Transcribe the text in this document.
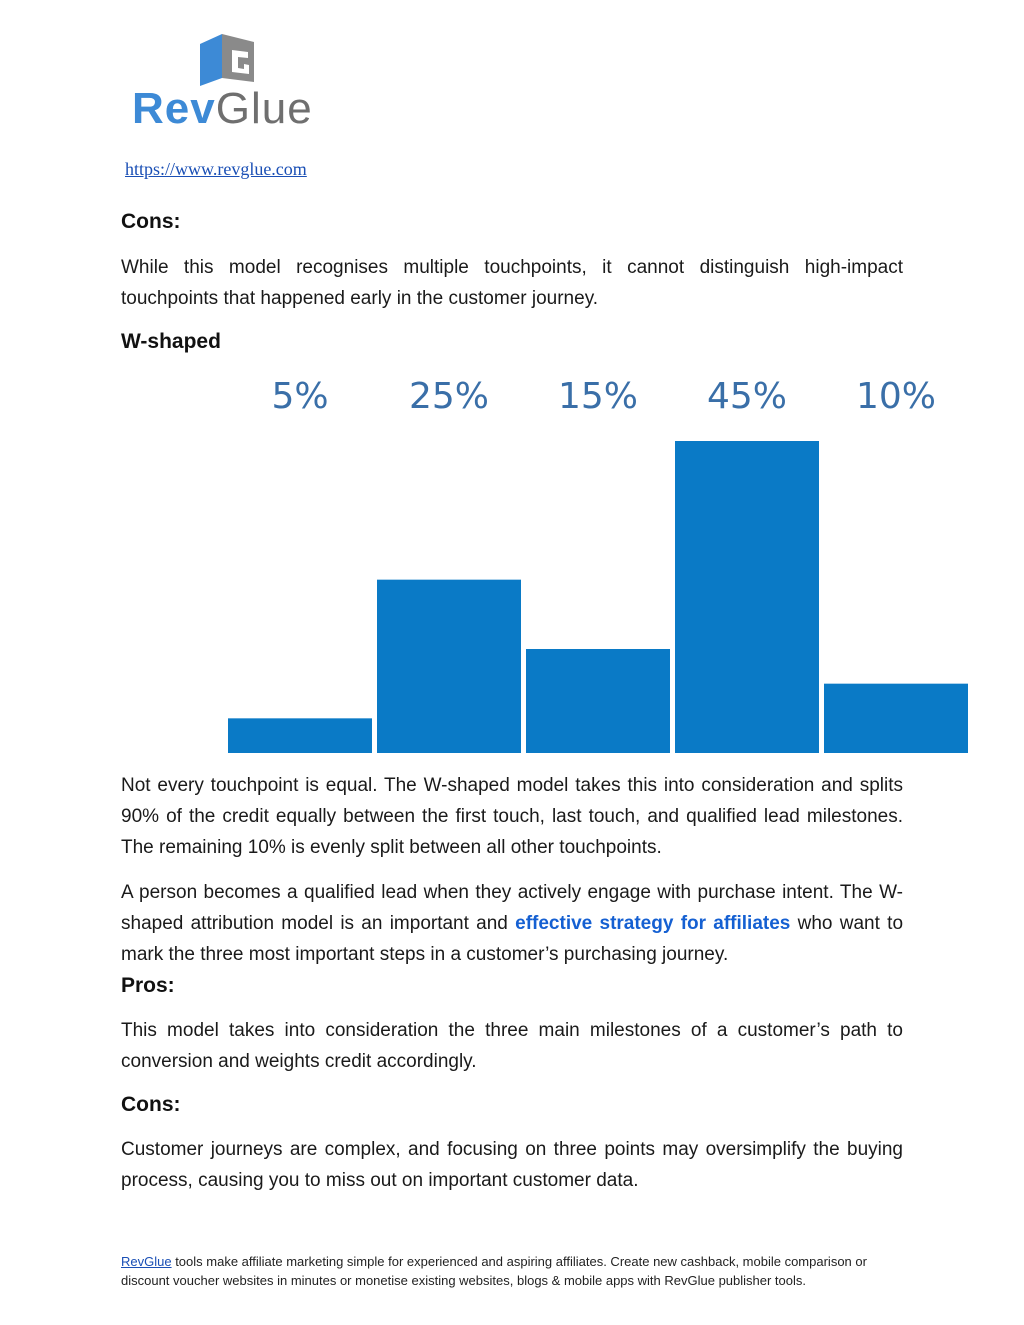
RevGlue
https://www.revglue.com
Cons:
While this model recognises multiple touchpoints, it cannot distinguish high-impact touchpoints that happened early in the customer journey.
W-shaped
5% 25% 15% 45% 10%
Not every touchpoint is equal. The W-shaped model takes this into consideration and splits 90% of the credit equally between the first touch, last touch, and qualified lead milestones. The remaining 10% is evenly split between all other touchpoints.
A person becomes a qualified lead when they actively engage with purchase intent. The W-shaped attribution model is an important and effective strategy for affiliates who want to mark the three most important steps in a customer’s purchasing journey.
Pros:
This model takes into consideration the three main milestones of a customer’s path to conversion and weights credit accordingly.
Cons:
Customer journeys are complex, and focusing on three points may oversimplify the buying process, causing you to miss out on important customer data.
RevGlue tools make affiliate marketing simple for experienced and aspiring affiliates. Create new cashback, mobile comparison or discount voucher websites in minutes or monetise existing websites, blogs & mobile apps with RevGlue publisher tools.
